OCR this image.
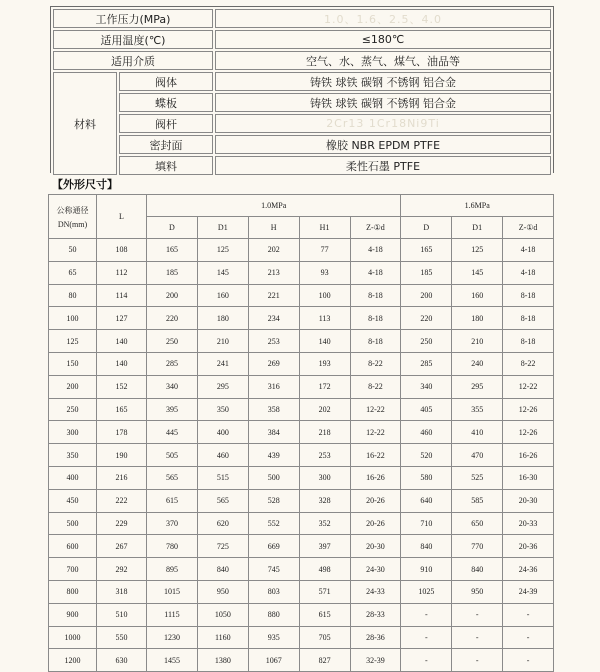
工作压力(MPa)		1.0、1.6、2.5、4.0
适用温度(℃)		≤180℃
适用介质		空气、水、蒸气、煤气、油品等
材料	阀体	铸铁 球铁 碳钢 不锈钢 铝合金
	蝶板	铸铁 球铁 碳钢 不锈钢 铝合金
	阀杆	2Cr13 1Cr18Ni9Ti
	密封面	橡胶 NBR EPDM PTFE
	填料	柔性石墨 PTFE
【外形尺寸】
公称通径
DN(mm)	L	1.0MPa					1.6MPa		
		D	D1	H	H1	Z-①d	D	D1	Z-①d
50	108	165	125	202	77	4-18	165	125	4-18
65	112	185	145	213	93	4-18	185	145	4-18
80	114	200	160	221	100	8-18	200	160	8-18
100	127	220	180	234	113	8-18	220	180	8-18
125	140	250	210	253	140	8-18	250	210	8-18
150	140	285	241	269	193	8-22	285	240	8-22
200	152	340	295	316	172	8-22	340	295	12-22
250	165	395	350	358	202	12-22	405	355	12-26
300	178	445	400	384	218	12-22	460	410	12-26
350	190	505	460	439	253	16-22	520	470	16-26
400	216	565	515	500	300	16-26	580	525	16-30
450	222	615	565	528	328	20-26	640	585	20-30
500	229	370	620	552	352	20-26	710	650	20-33
600	267	780	725	669	397	20-30	840	770	20-36
700	292	895	840	745	498	24-30	910	840	24-36
800	318	1015	950	803	571	24-33	1025	950	24-39
900	510	1115	1050	880	615	28-33	-	-	-
1000	550	1230	1160	935	705	28-36	-	-	-
1200	630	1455	1380	1067	827	32-39	-	-	-
